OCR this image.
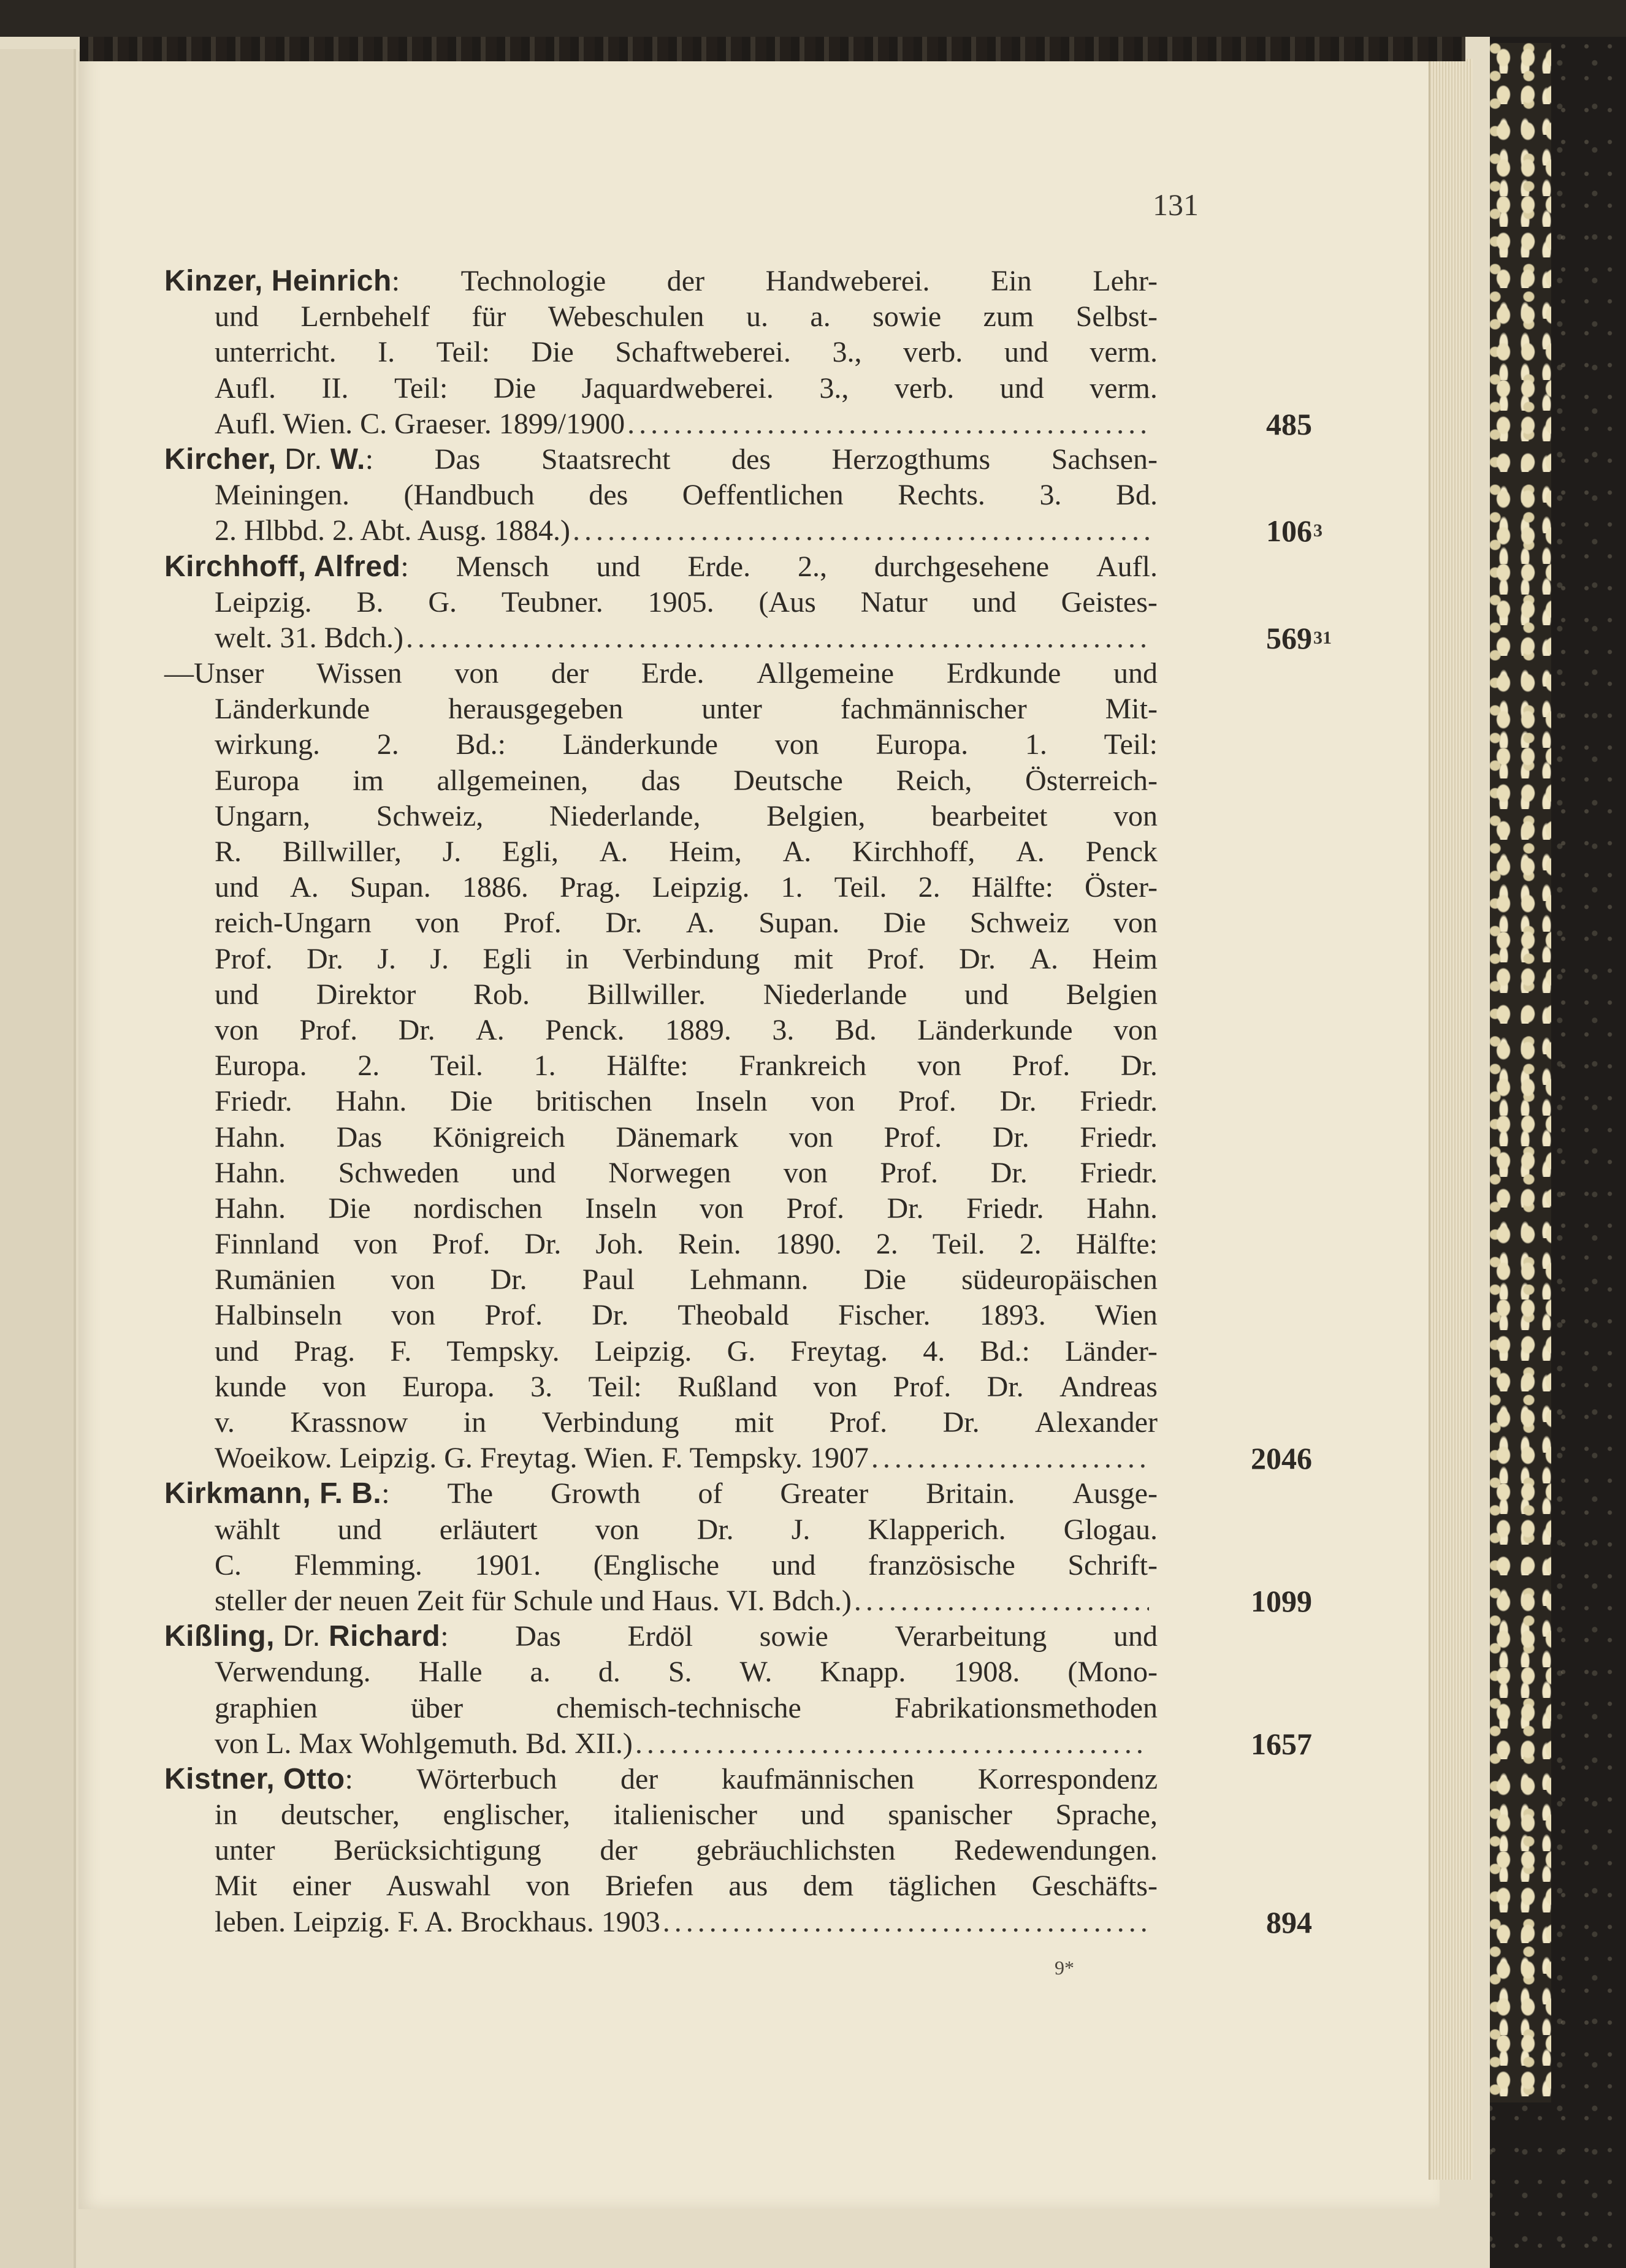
131
Kinzer, Heinrich : Technologie der Handweberei. Ein Lehr-
und Lernbehelf für Webeschulen u. a. sowie zum Selbst-
unterricht. I. Teil: Die Schaftweberei. 3., verb. und verm.
Aufl. II. Teil: Die Jaquardweberei. 3., verb. und verm.
Aufl. Wien. C. Graeser. 1899/1900 .....	485
Kircher, Dr. W. : Das Staatsrecht des Herzogthums Sachsen-
Meiningen. (Handbuch des Oeffentlichen Rechts. 3. Bd.
2. Hlbbd. 2. Abt. Ausg. 1884.) .....	106 3
Kirchhoff, Alfred : Mensch und Erde. 2., durchgesehene Aufl.
Leipzig. B. G. Teubner. 1905. (Aus Natur und Geistes-
welt. 31. Bdch.) .....	569 31
— Unser Wissen von der Erde. Allgemeine Erdkunde und
Länderkunde	herausgegeben	unter	fachmännischer	Mit-
wirkung. 2. Bd.: Länderkunde von Europa. 1. Teil:
Europa im allgemeinen, das Deutsche Reich, Österreich-
Ungarn, Schweiz, Niederlande, Belgien, bearbeitet von
R. Billwiller, J. Egli, A. Heim, A. Kirchhoff, A. Penck
und A. Supan. 1886. Prag. Leipzig. 1. Teil. 2. Hälfte: Öster-
reich-Ungarn von Prof. Dr. A. Supan. Die Schweiz von
Prof. Dr. J. J. Egli in Verbindung mit Prof. Dr. A. Heim
und Direktor Rob. Billwiller. Niederlande und Belgien
von Prof. Dr. A. Penck. 1889. 3. Bd. Länderkunde von
Europa. 2. Teil. 1. Hälfte: Frankreich von Prof. Dr.
Friedr. Hahn. Die britischen Inseln von Prof. Dr. Friedr.
Hahn. Das Königreich Dänemark von Prof. Dr. Friedr.
Hahn. Schweden und Norwegen von Prof. Dr. Friedr.
Hahn. Die nordischen Inseln von Prof. Dr. Friedr. Hahn.
Finnland von Prof. Dr. Joh. Rein. 1890. 2. Teil. 2. Hälfte:
Rumänien von Dr. Paul Lehmann. Die südeuropäischen
Halbinseln von Prof. Dr. Theobald Fischer. 1893. Wien
und Prag. F. Tempsky. Leipzig. G. Freytag. 4. Bd.: Länder-
kunde von Europa. 3. Teil: Rußland von Prof. Dr. Andreas
v. Krassnow in Verbindung mit Prof. Dr. Alexander
Woeikow. Leipzig. G. Freytag. Wien. F. Tempsky. 1907 .....	2046
Kirkmann, F. B. : The Growth of Greater Britain. Ausge-
wählt und erläutert von Dr. J. Klapperich. Glogau.
C. Flemming. 1901. (Englische und französische Schrift-
steller der neuen Zeit für Schule und Haus. VI. Bdch.) .....	1099
Kißling, Dr. Richard : Das Erdöl sowie Verarbeitung und
Verwendung. Halle a. d. S. W. Knapp. 1908. (Mono-
graphien	über	chemisch-technische	Fabrikationsmethoden
von L. Max Wohlgemuth. Bd. XII.) .....	1657
Kistner, Otto : Wörterbuch der kaufmännischen Korrespondenz
in deutscher, englischer, italienischer und spanischer Sprache,
unter Berücksichtigung der gebräuchlichsten Redewendungen.
Mit einer Auswahl von Briefen aus dem täglichen Geschäfts-
leben. Leipzig. F. A. Brockhaus. 1903 .....	894
9*
